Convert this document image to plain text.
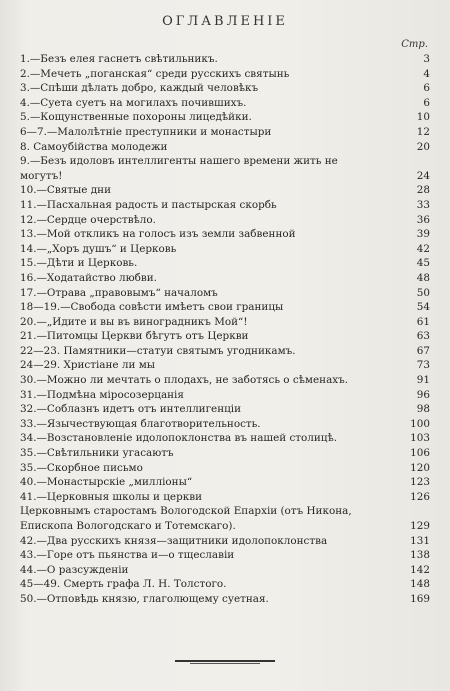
ОГЛАВЛЕНІЕ
Стр.
1.—Безъ елея гаснетъ свѣтильникъ.	3
2.—Мечеть „поганская“ среди русскихъ святынь	4
3.—Спѣши дѣлать добро, каждый человѣкъ	6
4.—Суета суетъ на могилахъ почившихъ.	6
5.—Кощунственные похороны лицедѣйки.	10
6—7.—Малолѣтніе преступники и монастыри	12
8. Самоубійства молодежи	20
9.—Безъ идоловъ интеллигенты нашего времени жить не
могутъ!	24
10.—Святые дни	28
11.—Пасхальная радость и пастырская скорбь	33
12.—Сердце очерствѣло.	36
13.—Мой откликъ на голосъ изъ земли забвенной	39
14.—„Хоръ душъ“ и Церковь	42
15.—Дѣти и Церковь.	45
16.—Ходатайство любви.	48
17.—Отрава „правовымъ“ началомъ	50
18—19.—Свобода совѣсти имѣетъ свои границы	54
20.—„Идите и вы въ виноградникъ Мой“!	61
21.—Питомцы Церкви бѣгутъ отъ Церкви	63
22—23. Памятники—статуи святымъ угодникамъ.	67
24—29. Христіане ли мы	73
30.—Можно ли мечтать о плодахъ, не заботясь о сѣменахъ.	91
31.—Подмѣна міросозерцанія	96
32.—Соблазнъ идетъ отъ интеллигенціи	98
33.—Язычествующая благотворительность.	100
34.—Возстановленіе идолопоклонства въ нашей столицѣ.	103
35.—Свѣтильники угасаютъ	106
35.—Скорбное письмо	120
40.—Монастырскіе „милліоны“	123
41.—Церковныя школы и церкви	126
Церковнымъ старостамъ Вологодской Епархіи (отъ Никона,
Епископа Вологодскаго и Тотемскаго).	129
42.—Два русскихъ князя—защитники идолопоклонства	131
43.—Горе отъ пьянства и—о тщеславіи	138
44.—О разсужденіи	142
45—49. Смерть графа Л. Н. Толстого.	148
50.—Отповѣдь князю, глаголющему суетная.	169
